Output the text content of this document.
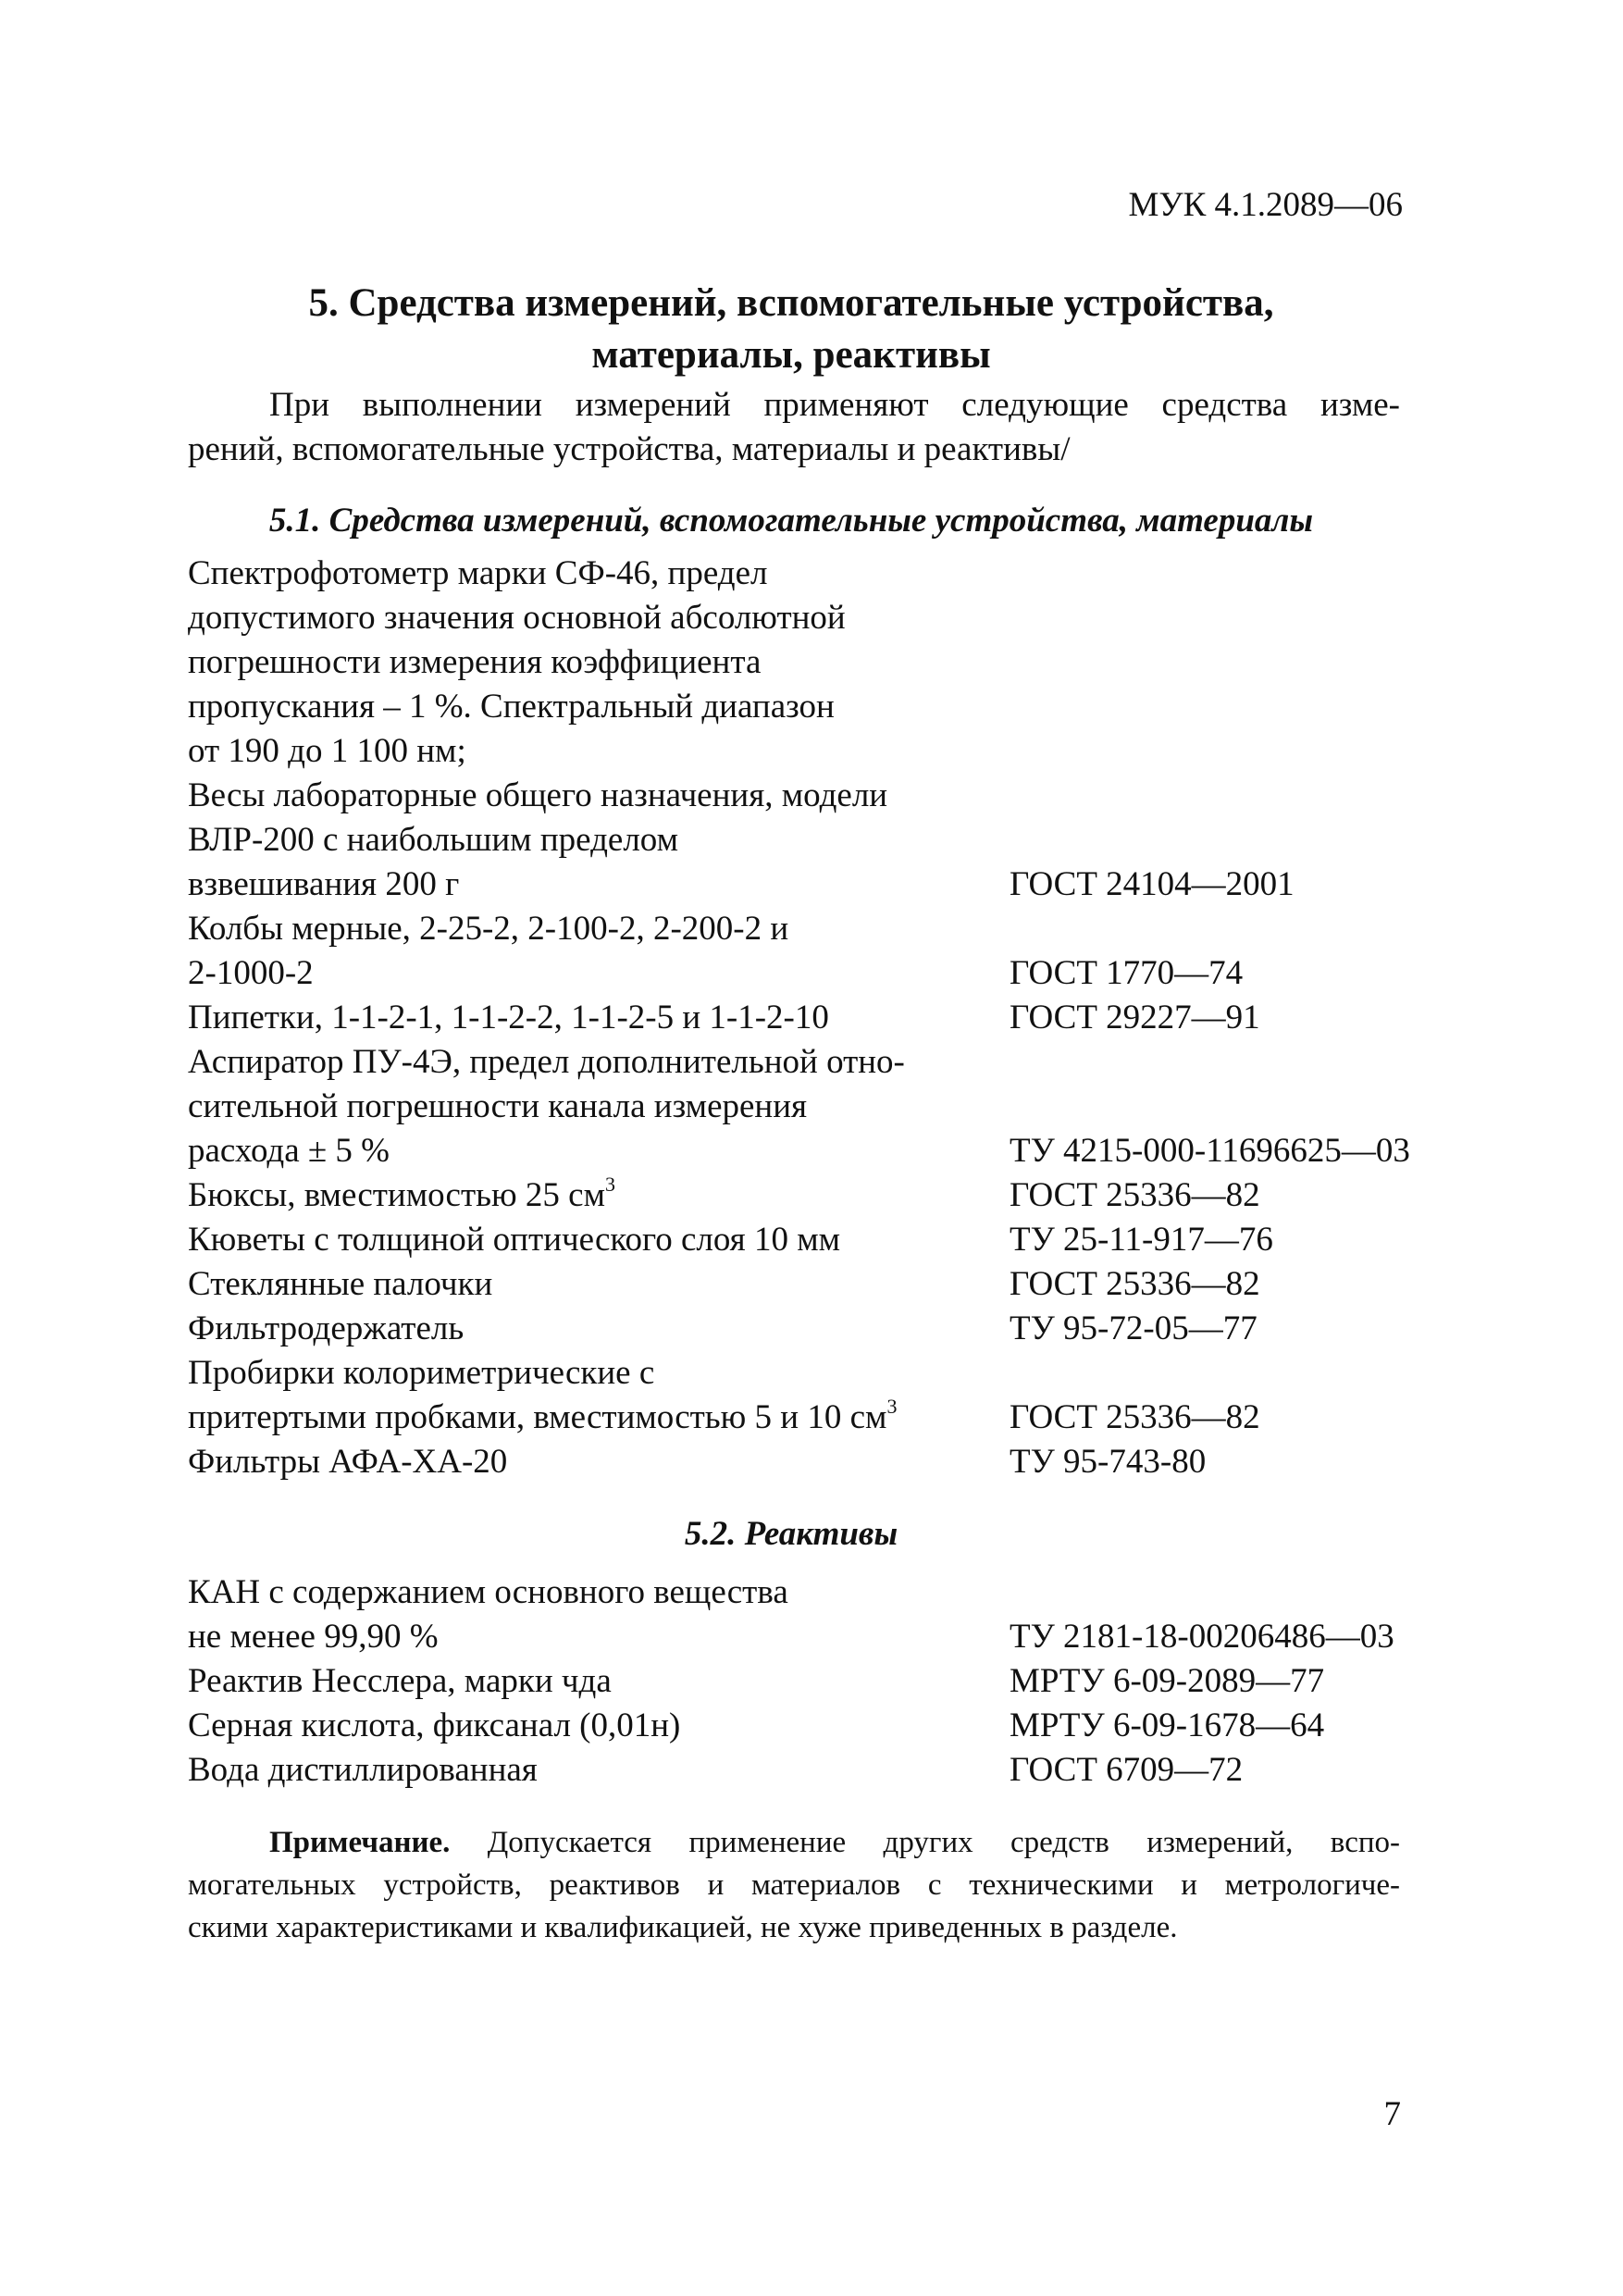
МУК 4.1.2089—06
5. Средства измерений, вспомогательные устройства,
материалы, реактивы
При выполнении измерений применяют следующие средства изме-
рений, вспомогательные устройства, материалы и реактивы/
5.1. Средства измерений, вспомогательные устройства, материалы
Спектрофотометр марки СФ-46, предел
допустимого значения основной абсолютной
погрешности измерения коэффициента
пропускания – 1 %. Спектральный диапазон
от 190 до 1 100 нм;
Весы лабораторные общего назначения, модели
ВЛР-200 с наибольшим пределом
взвешивания 200 г	ГОСТ 24104—2001
Колбы мерные, 2-25-2, 2-100-2, 2-200-2 и
2-1000-2	ГОСТ 1770—74
Пипетки, 1-1-2-1, 1-1-2-2, 1-1-2-5 и 1-1-2-10	ГОСТ 29227—91
Аспиратор ПУ-4Э, предел дополнительной отно-
сительной погрешности канала измерения
расхода ± 5 %	ТУ 4215-000-11696625—03
Бюксы, вместимостью 25 $см^3$	ГОСТ 25336—82
Кюветы с толщиной оптического слоя 10 мм	ТУ 25-11-917—76
Стеклянные палочки	ГОСТ 25336—82
Фильтродержатель	ТУ 95-72-05—77
Пробирки колориметрические с
притертыми пробками, вместимостью 5 и 10 $см^3$	ГОСТ 25336—82
Фильтры АФА-ХА-20	ТУ 95-743-80
5.2. Реактивы
КАН с содержанием основного вещества
не менее 99,90 %	ТУ 2181-18-00206486—03
Реактив Несслера, марки чда	МРТУ 6-09-2089—77
Серная кислота, фиксанал (0,01н)	МРТУ 6-09-1678—64
Вода дистиллированная	ГОСТ 6709—72
Примечание. Допускается применение других средств измерений, вспо-
могательных устройств, реактивов и материалов с техническими и метрологиче-
скими характеристиками и квалификацией, не хуже приведенных в разделе.
7
